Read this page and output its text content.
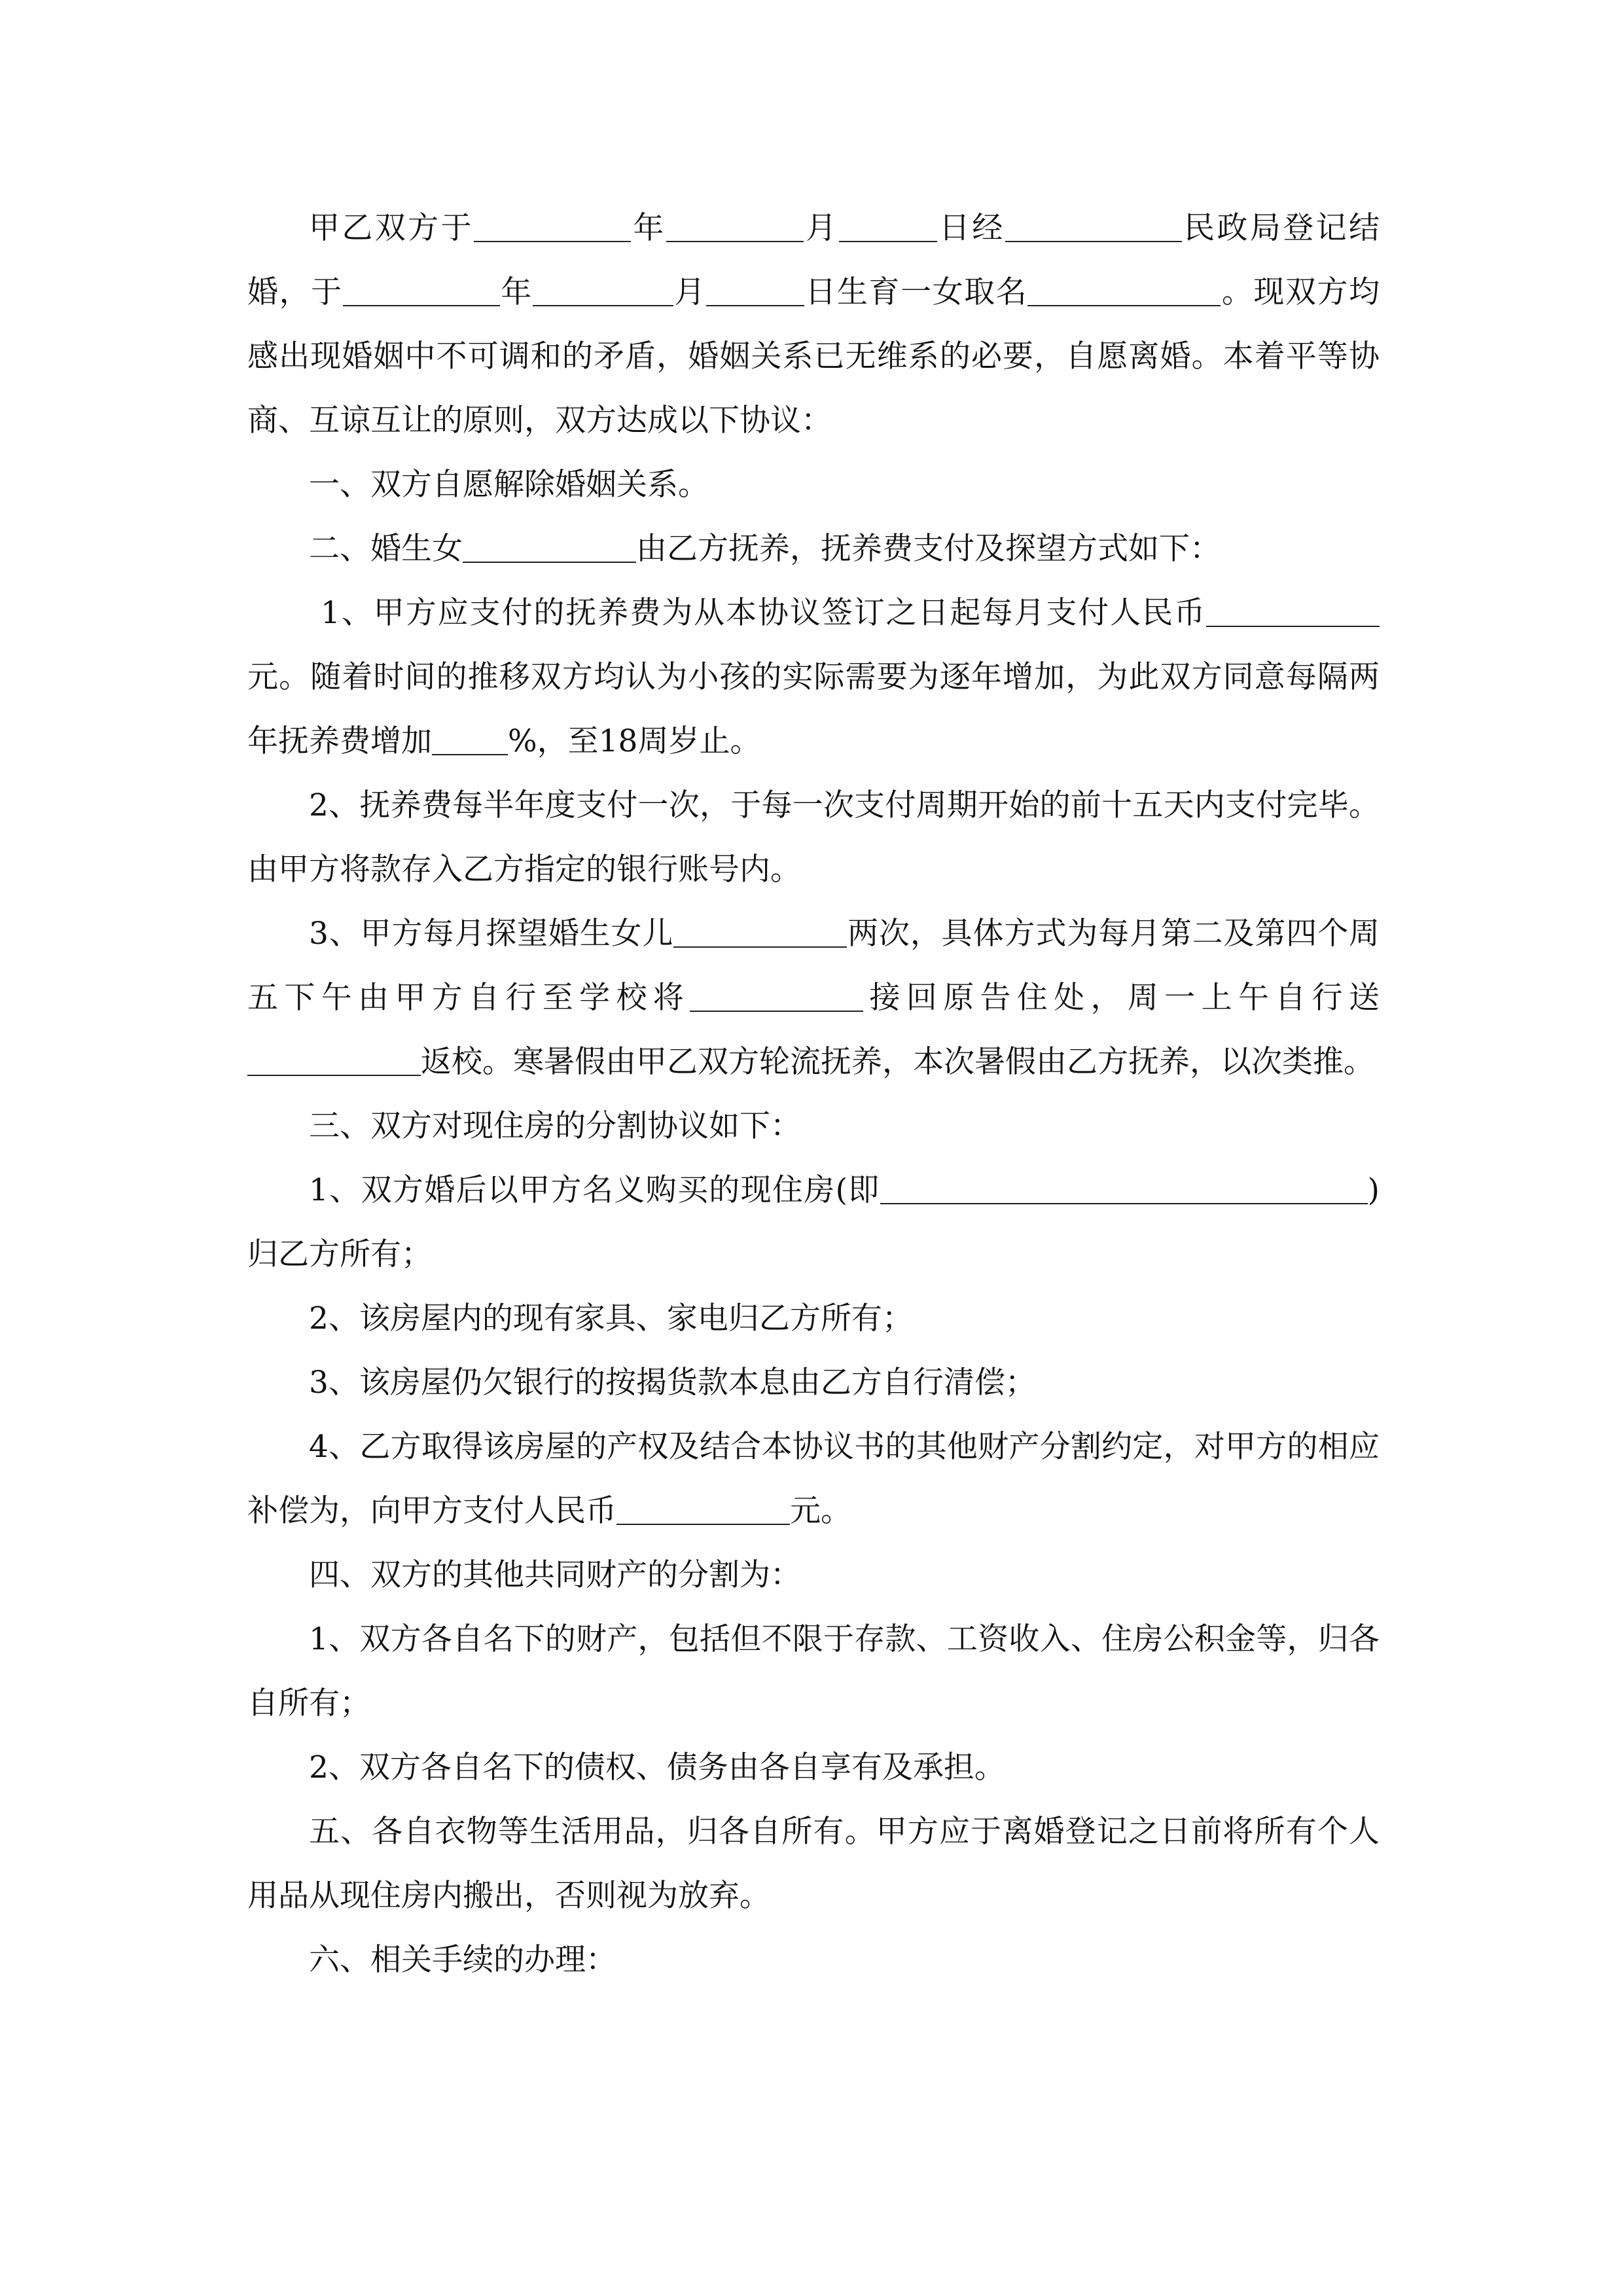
甲乙双方于	年	月	日经	民政局登记结婚，于	年	月	日生育一女取名	。现双方均感出现婚姻中不可调和的矛盾，婚姻关系已无维系的必要，自愿离婚。本着平等协商、互谅互让的原则，双方达成以下协议：

一、双方自愿解除婚姻关系。

二、婚生女	由乙方抚养，抚养费支付及探望方式如下：

1、甲方应支付的抚养费为从本协议签订之日起每月支付人民币元。随着时间的推移双方均认为小孩的实际需要为逐年增加，为此双方同意每隔两年抚养费增加 %，至18周岁止。

2、抚养费每半年度支付一次，于每一次支付周期开始的前十五天内支付完毕。由甲方将款存入乙方指定的银行账号内。

3、甲方每月探望婚生女儿	两次，具体方式为每月第二及第四个周五下午由甲方自行至学校将	接回原告住处，周一上午自行送返校。寒暑假由甲乙双方轮流抚养，本次暑假由乙方抚养，以次类推。

三、双方对现住房的分割协议如下：

1、双方婚后以甲方名义购买的现住房(即	)归乙方所有；

2、该房屋内的现有家具、家电归乙方所有；

3、该房屋仍欠银行的按揭货款本息由乙方自行清偿；

4、乙方取得该房屋的产权及结合本协议书的其他财产分割约定，对甲方的相应补偿为，向甲方支付人民币	元。

四、双方的其他共同财产的分割为：

1、双方各自名下的财产，包括但不限于存款、工资收入、住房公积金等，归各自所有；

2、双方各自名下的债权、债务由各自享有及承担。

五、各自衣物等生活用品，归各自所有。甲方应于离婚登记之日前将所有个人用品从现住房内搬出，否则视为放弃。

六、相关手续的办理：
